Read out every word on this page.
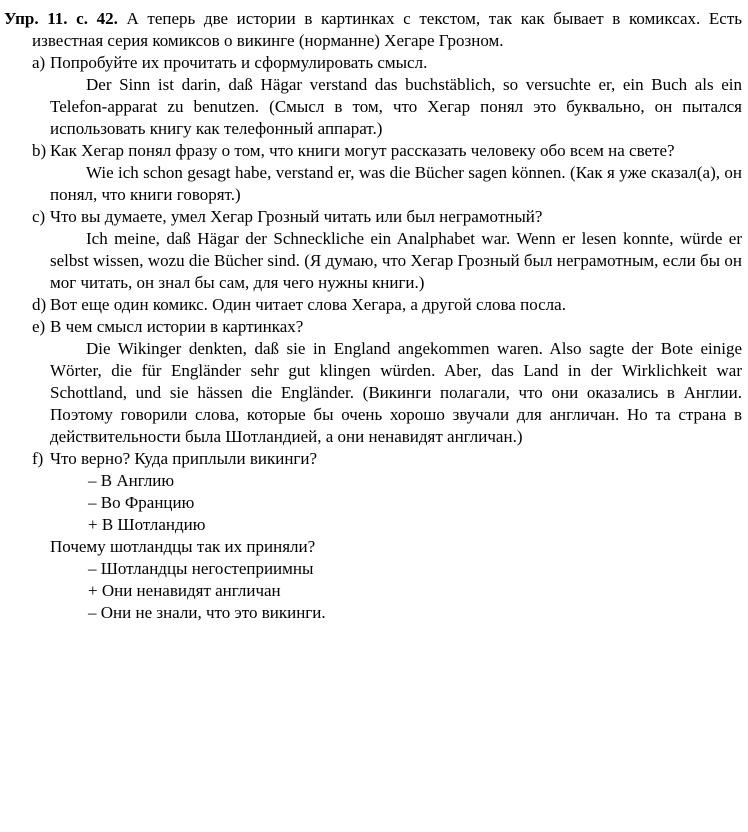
Упр. 11. с. 42. А теперь две истории в картинках с текстом, так как бывает в комиксах. Есть известная серия комиксов о викинге (норманне) Хегаре Грозном.

a) Попробуйте их прочитать и сформулировать смысл.

Der Sinn ist darin, daß Hägar verstand das buchstäblich, so versuchte er, ein Buch als ein Telefon-apparat zu benutzen. (Смысл в том, что Хегар понял это буквально, он пытался использовать книгу как телефонный аппарат.)

b) Как Хегар понял фразу о том, что книги могут рассказать человеку обо всем на свете?

Wie ich schon gesagt habe, verstand er, was die Bücher sagen können. (Как я уже сказал(а), он понял, что книги говорят.)

c) Что вы думаете, умел Хегар Грозный читать или был неграмотный?

Ich meine, daß Hägar der Schneckliche ein Analphabet war. Wenn er lesen konnte, würde er selbst wissen, wozu die Bücher sind. (Я думаю, что Хегар Грозный был неграмотным, если бы он мог читать, он знал бы сам, для чего нужны книги.)

d) Вот еще один комикс. Один читает слова Хегара, а другой слова посла.

e) В чем смысл истории в картинках?

Die Wikinger denkten, daß sie in England angekommen waren. Also sagte der Bote einige Wörter, die für Engländer sehr gut klingen würden. Aber, das Land in der Wirklichkeit war Schottland, und sie hässen die Engländer. (Викинги полагали, что они оказались в Англии. Поэтому говорили слова, которые бы очень хорошо звучали для англичан. Но та страна в действительности была Шотландией, а они ненавидят англичан.)

f) Что верно? Куда приплыли викинги?

– В Англию
– Во Францию
+ В Шотландию
Почему шотландцы так их приняли?
– Шотландцы негостеприимны
+ Они ненавидят англичан
– Они не знали, что это викинги.
